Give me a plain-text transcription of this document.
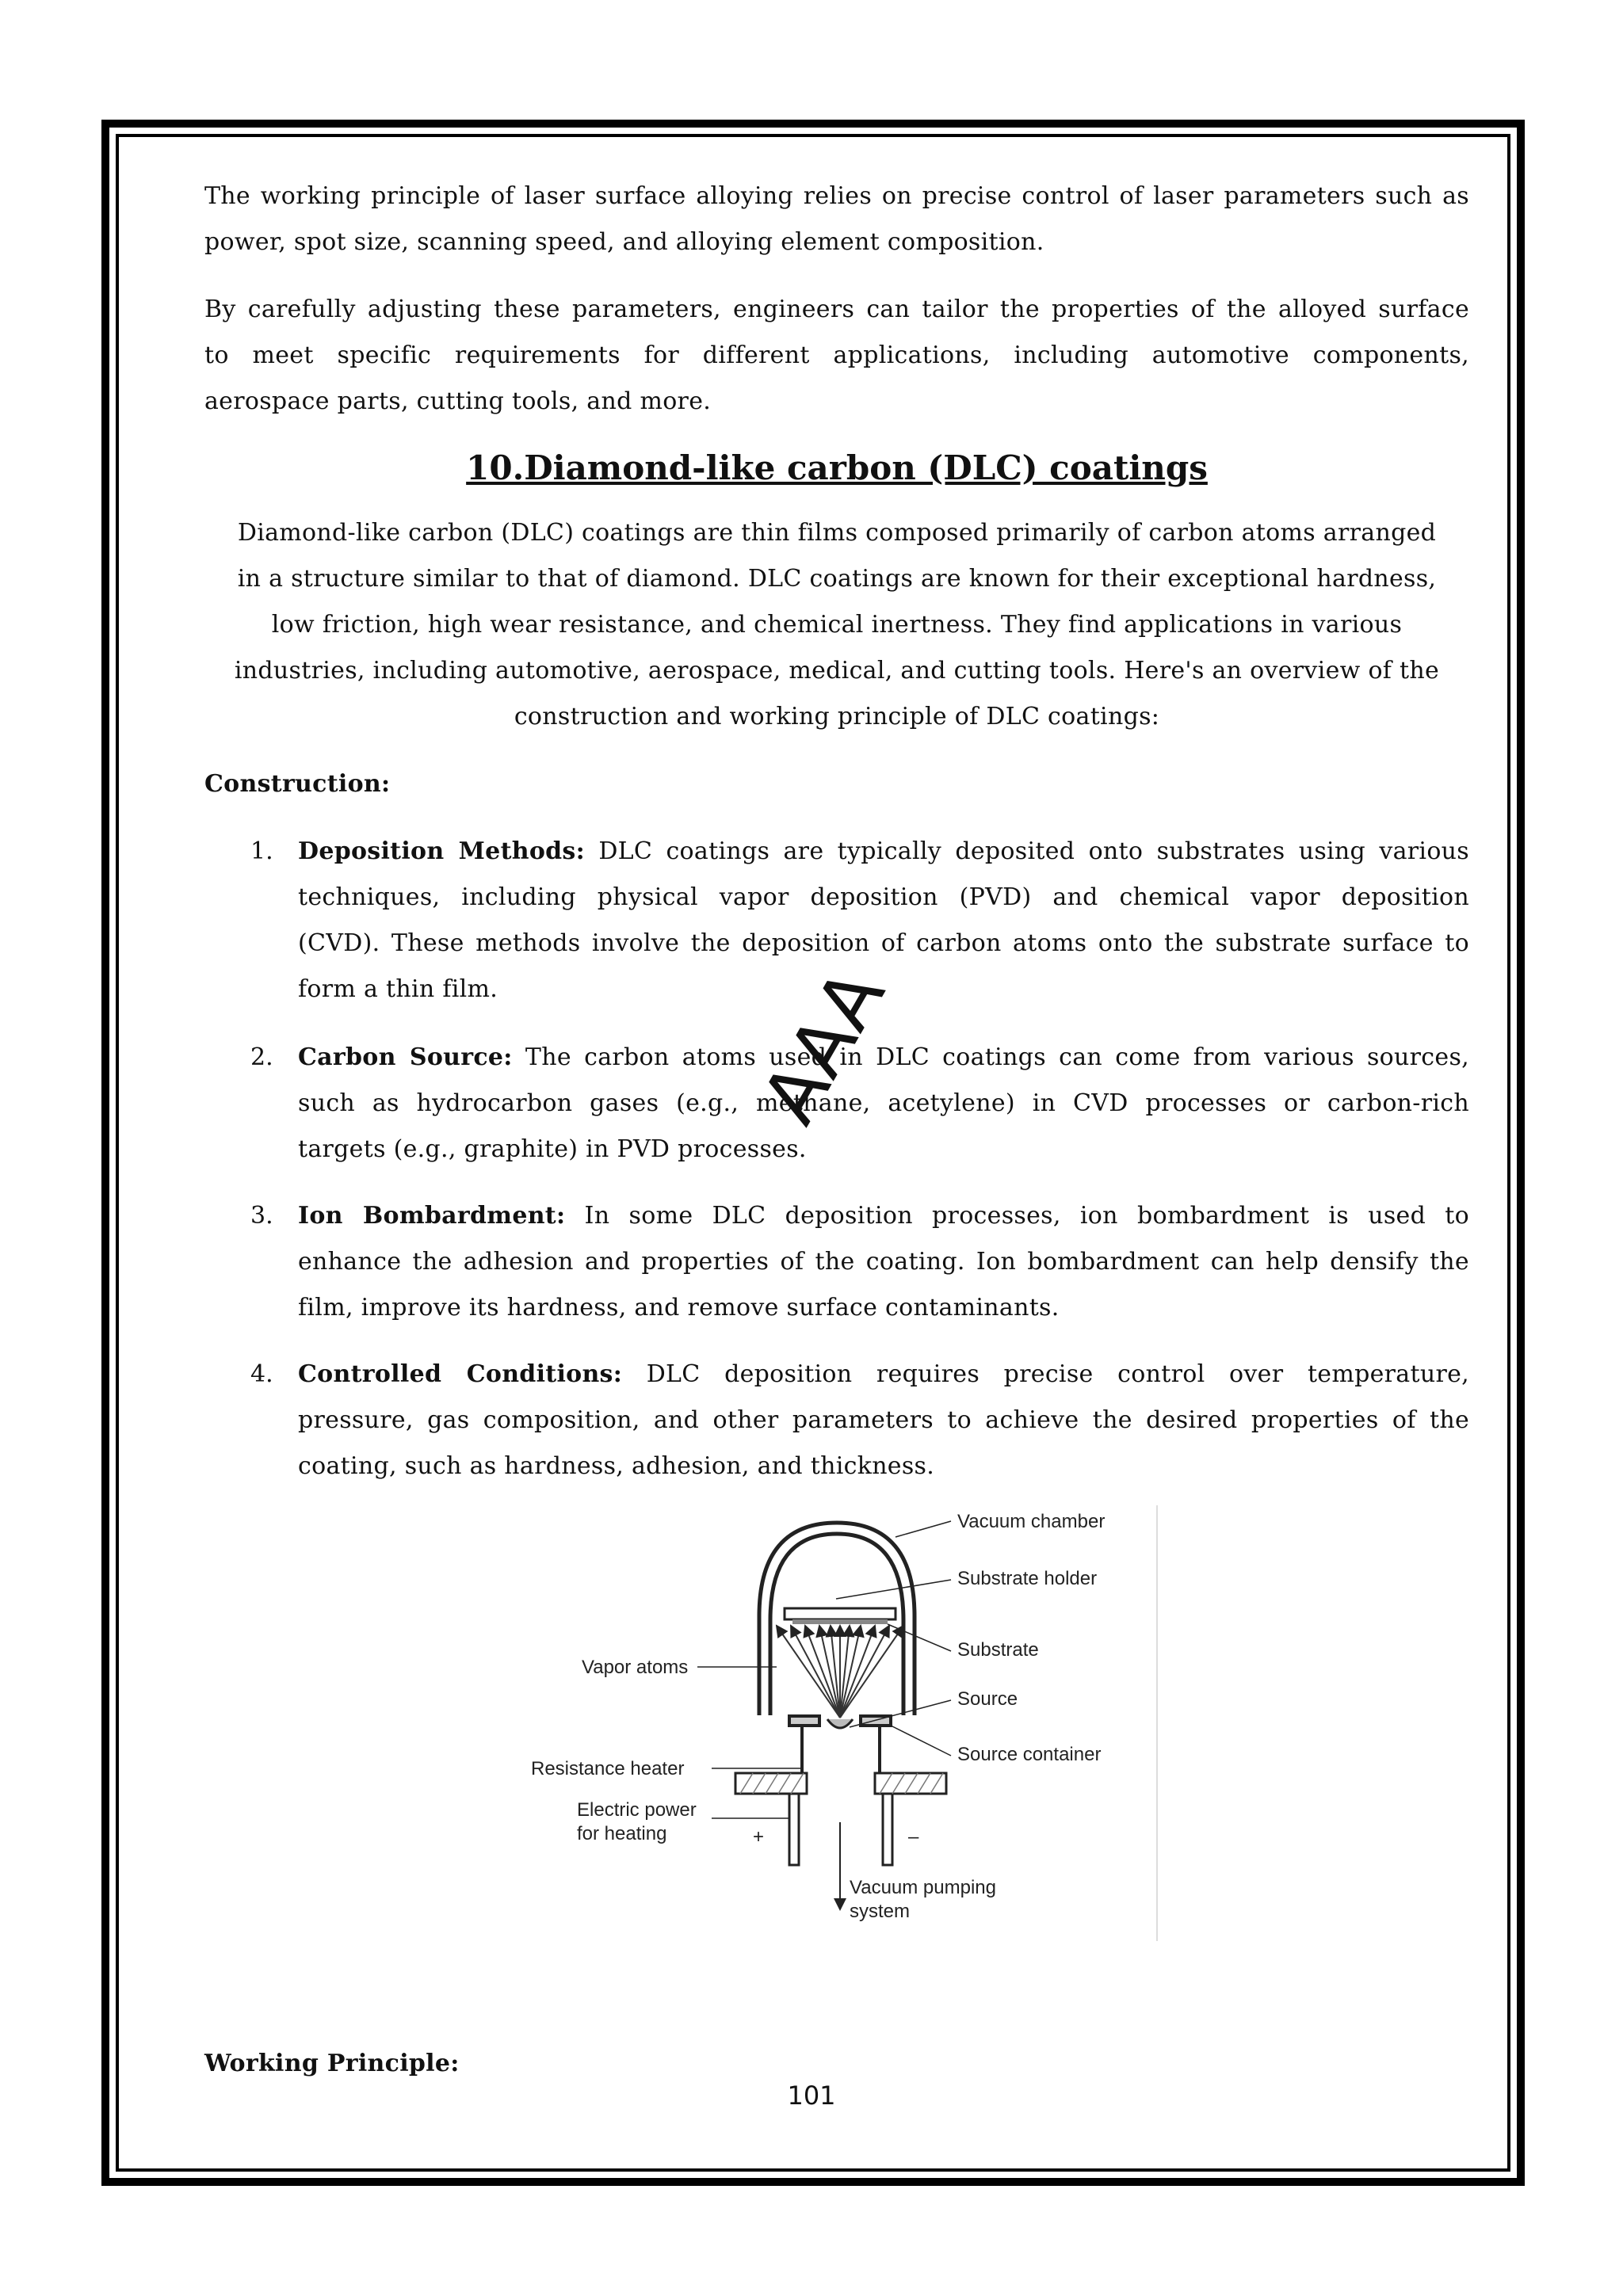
The working principle of laser surface alloying relies on precise control of laser parameters such as
power, spot size, scanning speed, and alloying element composition.
By carefully adjusting these parameters, engineers can tailor the properties of the alloyed surface
to meet specific requirements for different applications, including automotive components,
aerospace parts, cutting tools, and more.
10.Diamond-like carbon (DLC) coatings
Diamond-like carbon (DLC) coatings are thin films composed primarily of carbon atoms arranged
in a structure similar to that of diamond. DLC coatings are known for their exceptional hardness,
low friction, high wear resistance, and chemical inertness. They find applications in various
industries, including automotive, aerospace, medical, and cutting tools. Here's an overview of the
construction and working principle of DLC coatings:
Construction:
1. Deposition Methods: DLC coatings are typically deposited onto substrates using various
techniques, including physical vapor deposition (PVD) and chemical vapor deposition
(CVD). These methods involve the deposition of carbon atoms onto the substrate surface to
form a thin film.
2. Carbon Source: The carbon atoms used in DLC coatings can come from various sources,
such as hydrocarbon gases (e.g., methane, acetylene) in CVD processes or carbon-rich
targets (e.g., graphite) in PVD processes.
3. Ion Bombardment: In some DLC deposition processes, ion bombardment is used to
enhance the adhesion and properties of the coating. Ion bombardment can help densify the
film, improve its hardness, and remove surface contaminants.
4. Controlled Conditions: DLC deposition requires precise control over temperature,
pressure, gas composition, and other parameters to achieve the desired properties of the
coating, such as hardness, adhesion, and thickness.
Vacuum chamber
Substrate holder
Substrate
Source
Source container
Vapor atoms
Resistance heater
Electric power
for heating	+	–
Vacuum pumping
system
Working Principle:
AAA
101
